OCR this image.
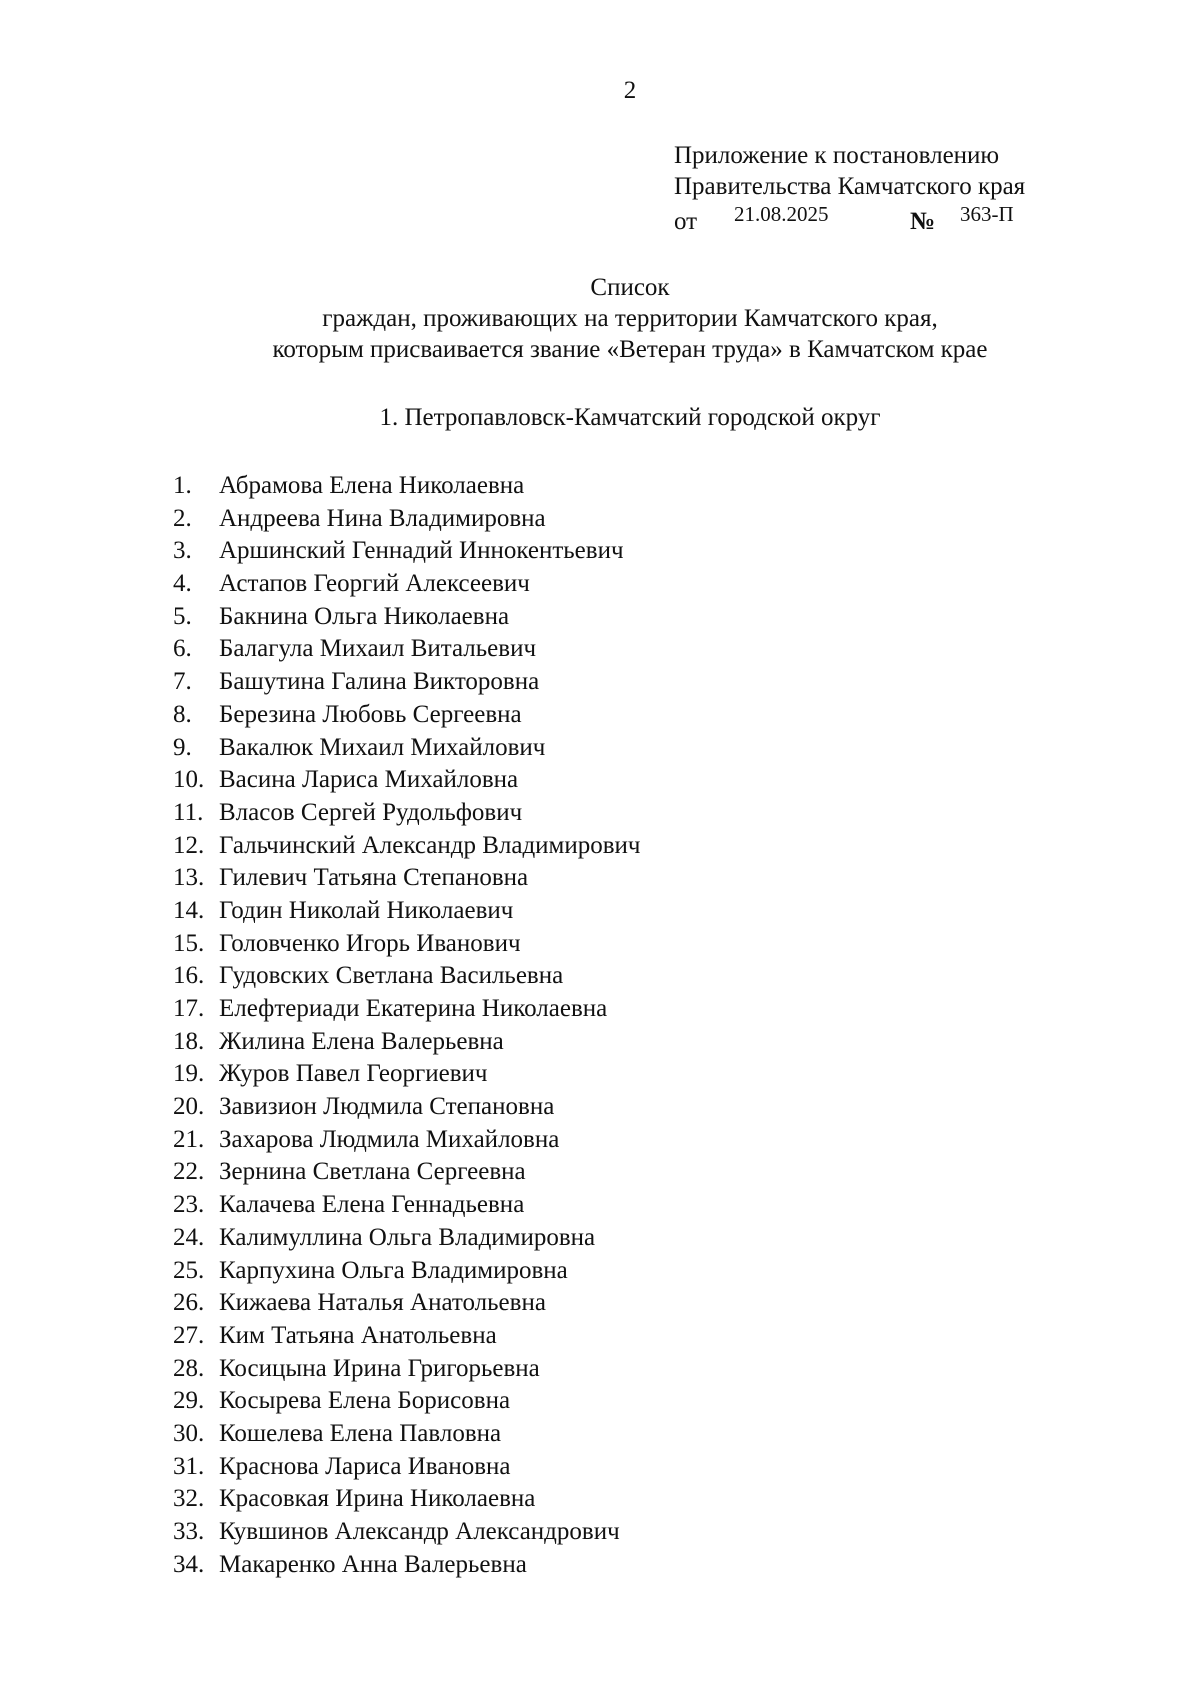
2
Приложение к постановлению
Правительства Камчатского края
от 21.08.2025	№ 363-П
Список
граждан, проживающих на территории Камчатского края,
которым присваивается звание «Ветеран труда» в Камчатском крае
1. Петропавловск-Камчатский городской округ
1. Абрамова Елена Николаевна
2. Андреева Нина Владимировна
3. Аршинский Геннадий Иннокентьевич
4. Астапов Георгий Алексеевич
5. Бакнина Ольга Николаевна
6. Балагула Михаил Витальевич
7. Башутина Галина Викторовна
8. Березина Любовь Сергеевна
9. Вакалюк Михаил Михайлович
10. Васина Лариса Михайловна
11. Власов Сергей Рудольфович
12. Гальчинский Александр Владимирович
13. Гилевич Татьяна Степановна
14. Годин Николай Николаевич
15. Головченко Игорь Иванович
16. Гудовских Светлана Васильевна
17. Елефтериади Екатерина Николаевна
18. Жилина Елена Валерьевна
19. Журов Павел Георгиевич
20. Завизион Людмила Степановна
21. Захарова Людмила Михайловна
22. Зернина Светлана Сергеевна
23. Калачева Елена Геннадьевна
24. Калимуллина Ольга Владимировна
25. Карпухина Ольга Владимировна
26. Кижаева Наталья Анатольевна
27. Ким Татьяна Анатольевна
28. Косицына Ирина Григорьевна
29. Косырева Елена Борисовна
30. Кошелева Елена Павловна
31. Краснова Лариса Ивановна
32. Красовкая Ирина Николаевна
33. Кувшинов Александр Александрович
34. Макаренко Анна Валерьевна
